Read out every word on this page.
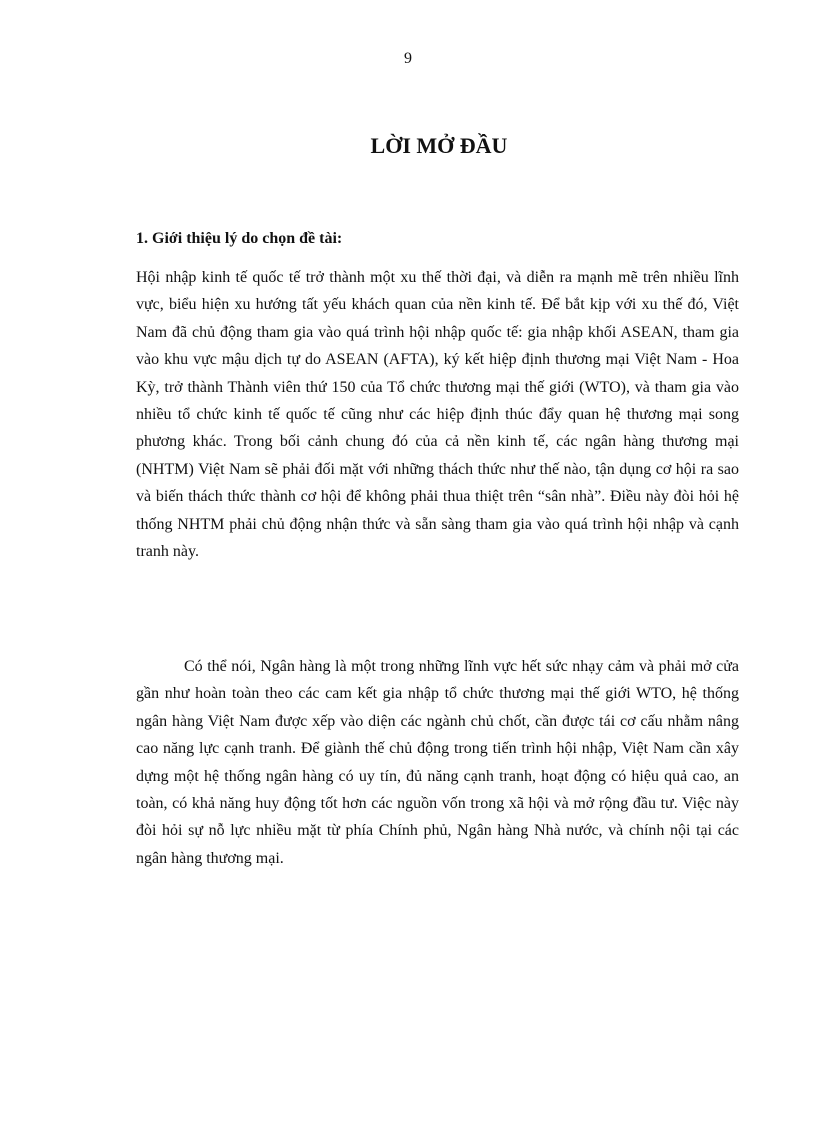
9
LỜI MỞ ĐẦU
1. Giới thiệu lý do chọn đề tài:

Hội nhập kinh tế quốc tế trở thành một xu thế thời đại, và diễn ra mạnh mẽ trên nhiều lĩnh vực, biểu hiện xu hướng tất yếu khách quan của nền kinh tế. Để bắt kịp với xu thế đó, Việt Nam đã chủ động tham gia vào quá trình hội nhập quốc tế: gia nhập khối ASEAN, tham gia vào khu vực mậu dịch tự do ASEAN (AFTA), ký kết hiệp định thương mại Việt Nam - Hoa Kỳ, trở thành Thành viên thứ 150 của Tổ chức thương mại thế giới (WTO), và tham gia vào nhiều tổ chức kinh tế quốc tế cũng như các hiệp định thúc đẩy quan hệ thương mại song phương khác. Trong bối cảnh chung đó của cả nền kinh tế, các ngân hàng thương mại (NHTM) Việt Nam sẽ phải đối mặt với những thách thức như thế nào, tận dụng cơ hội ra sao và biến thách thức thành cơ hội để không phải thua thiệt trên “sân nhà”. Điều này đòi hỏi hệ thống NHTM phải chủ động nhận thức và sẵn sàng tham gia vào quá trình hội nhập và cạnh tranh này.

Có thể nói, Ngân hàng là một trong những lĩnh vực hết sức nhạy cảm và phải mở cửa gần như hoàn toàn theo các cam kết gia nhập tổ chức thương mại thế giới WTO, hệ thống ngân hàng Việt Nam được xếp vào diện các ngành chủ chốt, cần được tái cơ cấu nhằm nâng cao năng lực cạnh tranh. Để giành thế chủ động trong tiến trình hội nhập, Việt Nam cần xây dựng một hệ thống ngân hàng có uy tín, đủ năng cạnh tranh, hoạt động có hiệu quả cao, an toàn, có khả năng huy động tốt hơn các nguồn vốn trong xã hội và mở rộng đầu tư. Việc này đòi hỏi sự nỗ lực nhiều mặt từ phía Chính phủ, Ngân hàng Nhà nước, và chính nội tại các ngân hàng thương mại.
